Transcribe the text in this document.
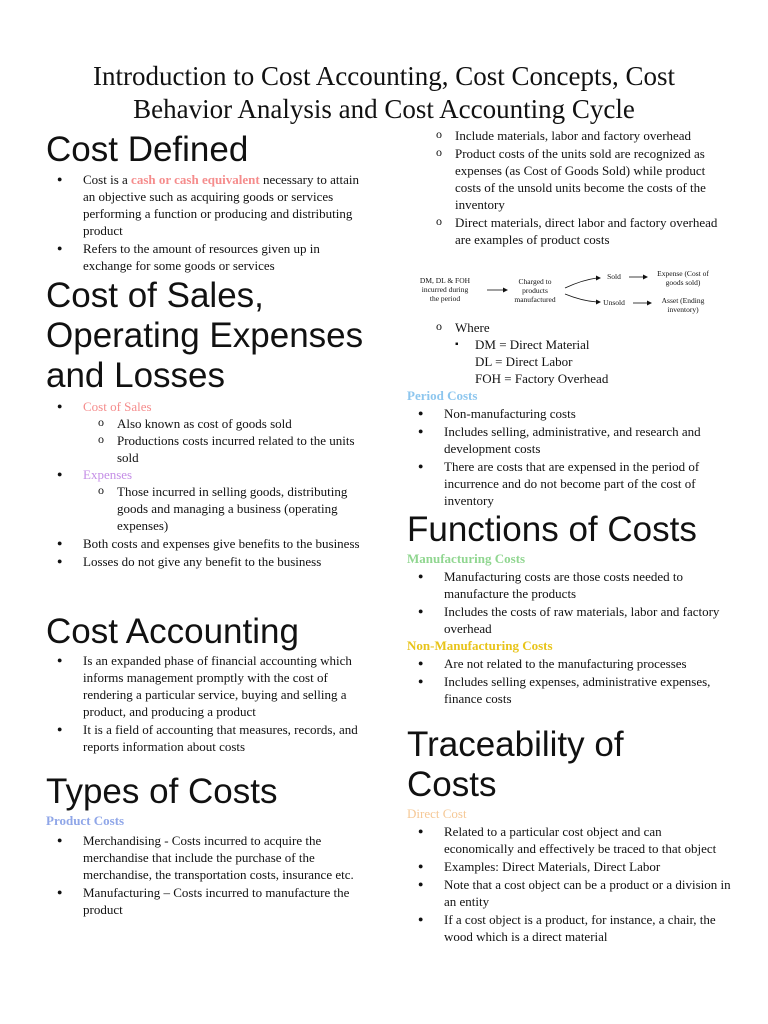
Introduction to Cost Accounting, Cost Concepts, Cost
Behavior Analysis and Cost Accounting Cycle
Cost Defined
● Cost is a cash or cash equivalent necessary to attain an objective such as acquiring goods or services performing a function or producing and distributing product
● Refers to the amount of resources given up in exchange for some goods or services
Cost of Sales,
Operating Expenses
and Losses
● Cost of Sales
o Also known as cost of goods sold
o Productions costs incurred related to the units sold
● Expenses
o Those incurred in selling goods, distributing goods and managing a business (operating expenses)
● Both costs and expenses give benefits to the business
● Losses do not give any benefit to the business
Cost Accounting
● Is an expanded phase of financial accounting which informs management promptly with the cost of rendering a particular service, buying and selling a product, and producing a product
● It is a field of accounting that measures, records, and reports information about costs
Types of Costs
Product Costs
● Merchandising - Costs incurred to acquire the merchandise that include the purchase of the merchandise, the transportation costs, insurance etc.
● Manufacturing – Costs incurred to manufacture the product
o Include materials, labor and factory overhead
o Product costs of the units sold are recognized as expenses (as Cost of Goods Sold) while product costs of the unsold units become the costs of the inventory
o Direct materials, direct labor and factory overhead are examples of product costs
DM, DL & FOH
incurred during
the period
Charged to
products
manufactured
Sold
Unsold
Expense (Cost of
goods sold)
Asset (Ending
inventory)
o Where
▪ DM = Direct Material
DL = Direct Labor
FOH = Factory Overhead
Period Costs
● Non-manufacturing costs
● Includes selling, administrative, and research and development costs
● There are costs that are expensed in the period of incurrence and do not become part of the cost of inventory
Functions of Costs
Manufacturing Costs
● Manufacturing costs are those costs needed to manufacture the products
● Includes the costs of raw materials, labor and factory overhead
Non-Manufacturing Costs
● Are not related to the manufacturing processes
● Includes selling expenses, administrative expenses, finance costs
Traceability of
Costs
Direct Cost
● Related to a particular cost object and can economically and effectively be traced to that object
● Examples: Direct Materials, Direct Labor
● Note that a cost object can be a product or a division in an entity
● If a cost object is a product, for instance, a chair, the wood which is a direct material
